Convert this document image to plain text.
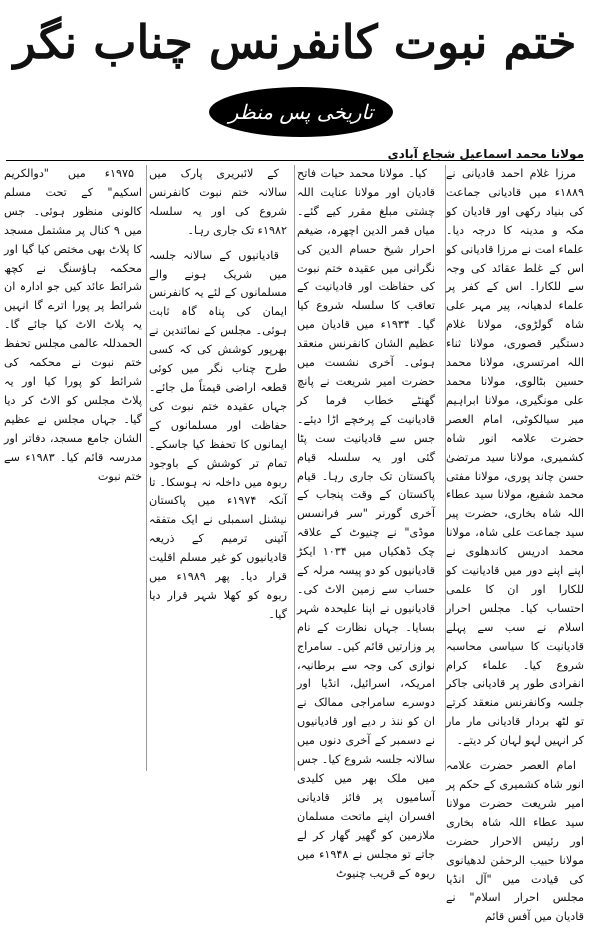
ختم نبوت کانفرنس چناب نگر
تاریخی پس منظر
مولانا محمد اسماعیل شجاع آبادی

مرزا غلام احمد قادیانی نے ۱۸۸۹ء میں قادیانی جماعت کی بنیاد رکھی اور قادیان کو مکہ و مدینہ کا درجہ دیا۔ علماء امت نے مرزا قادیانی کو اس کے غلط عقائد کی وجہ سے للکارا۔ اس کے کفر پر علماء لدھیانہ، پیر مہر علی شاہ گولڑوی، مولانا غلام دستگیر قصوری، مولانا ثناء اللہ امرتسری، مولانا محمد حسین بٹالوی، مولانا محمد علی مونگیری، مولانا ابراہیم میر سیالکوٹی، امام العصر حضرت علامہ انور شاہ کشمیری، مولانا سید مرتضیٰ حسن چاند پوری، مولانا مفتی محمد شفیع، مولانا سید عطاء اللہ شاہ بخاری، حضرت پیر سید جماعت علی شاہ، مولانا محمد ادریس کاندھلوی نے اپنے اپنے دور میں قادیانیت کو للکارا اور ان کا علمی احتساب کیا۔ مجلس احرار اسلام نے سب سے پہلے قادیانیت کا سیاسی محاسبہ شروع کیا۔ علماء کرام انفرادی طور پر قادیانی جاکر جلسہ وکانفرنس منعقد کرتے تو لٹھ بردار قادیانی مار مار کر انہیں لہو لہان کر دیتے۔

امام العصر حضرت علامہ انور شاہ کشمیری کے حکم پر امیر شریعت حضرت مولانا سید عطاء اللہ شاہ بخاری اور رئیس الاحرار حضرت مولانا حبیب الرحمٰن لدھیانوی کی قیادت میں "آل انڈیا مجلس احرار اسلام" نے قادیان میں آفس قائم

کیا۔ مولانا محمد حیات فاتح قادیان اور مولانا عنایت اللہ چشتی مبلغ مقرر کیے گئے۔ میاں قمر الدین اچھرہ، ضیغم احرار شیخ حسام الدین کی نگرانی میں عقیدہ ختم نبوت کی حفاظت اور قادیانیت کے تعاقب کا سلسلہ شروع کیا گیا۔ ۱۹۳۴ء میں قادیان میں عظیم الشان کانفرنس منعقد ہوئی۔ آخری نشست میں حضرت امیر شریعت نے پانچ گھنٹے خطاب فرما کر قادیانیت کے پرخچے اڑا دیئے۔ جس سے قادیانیت ست پٹا گئی اور یہ سلسلہ قیام پاکستان تک جاری رہا۔ قیام پاکستان کے وقت پنجاب کے آخری گورنر "سر فرانسس موڈی" نے چنیوٹ کے علاقہ چک ڈھکیاں میں ۱۰۳۴ ایکڑ قادیانیوں کو دو پیسہ مرلہ کے حساب سے زمین الاٹ کی۔ قادیانیوں نے اپنا علیحدہ شہر بسایا۔ جہاں نظارت کے نام پر وزارتیں قائم کیں۔ سامراج نوازی کی وجہ سے برطانیہ، امریکہ، اسرائیل، انڈیا اور دوسرے سامراجی ممالک نے ان کو ننذ ر دیے اور قادیانیوں نے دسمبر کے آخری دنوں میں سالانہ جلسہ شروع کیا۔ جس میں ملک بھر میں کلیدی آسامیوں پر فائز قادیانی افسران اپنے ماتحت مسلمان ملازمین کو گھیر گھار کر لے جاتے تو مجلس نے ۱۹۴۸ء میں ربوہ کے قریب چنیوٹ

کے لائبریری پارک میں سالانہ ختم نبوت کانفرنس شروع کی اور یہ سلسلہ ۱۹۸۲ء تک جاری رہا۔

قادیانیوں کے سالانہ جلسہ میں شریک ہونے والے مسلمانوں کے لئے یہ کانفرنس ایمان کی پناہ گاہ ثابت ہوئی۔ مجلس کے نمائندین نے بھرپور کوشش کی کہ کسی طرح چناب نگر میں کوئی قطعہ اراضی قیمتاً مل جائے۔ جہاں عقیدہ ختم نبوت کی حفاظت اور مسلمانوں کے ایمانوں کا تحفظ کیا جاسکے۔ تمام تر کوشش کے باوجود ربوہ میں داخلہ نہ ہوسکا۔ تا آنکہ ۱۹۷۴ء میں پاکستان نیشنل اسمبلی نے ایک متفقہ آئینی ترمیم کے ذریعہ قادیانیوں کو غیر مسلم اقلیت قرار دیا۔ پھر ۱۹۸۹ء میں ربوہ کو کھلا شہر قرار دیا گیا۔

۱۹۷۵ء میں "دوالکریم اسکیم" کے تحت مسلم کالونی منظور ہوئی۔ جس میں ۹ کنال پر مشتمل مسجد کا پلاٹ بھی مختص کیا گیا اور محکمہ ہاؤسنگ نے کچھ شرائط عائد کیں جو ادارہ ان شرائط پر پورا اترے گا انہیں یہ پلاٹ الاٹ کیا جائے گا۔ الحمدللہ عالمی مجلس تحفظ ختم نبوت نے محکمہ کی شرائط کو پورا کیا اور یہ پلاٹ مجلس کو الاٹ کر دیا گیا۔ جہاں مجلس نے عظیم الشان جامع مسجد، دفاتر اور مدرسہ قائم کیا۔ ۱۹۸۳ء سے ختم نبوت
